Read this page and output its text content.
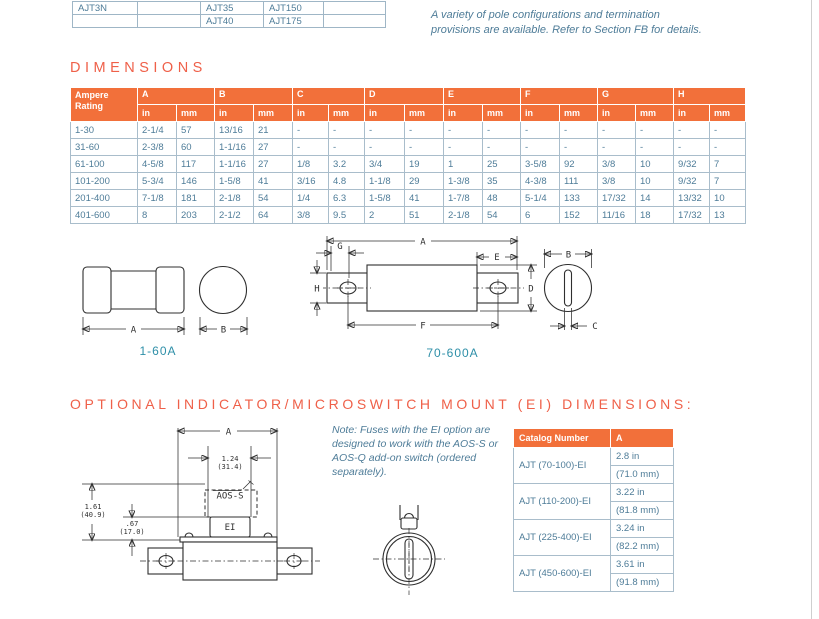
AJT3N		AJT35	AJT150	
		AJT40	AJT175		A variety of pole configurations and termination
provisions are available. Refer to Section FB for details.
DIMENSIONS
Ampere Rating	A		B		C		D		E		F		G		H	
	in	mm	in	mm	in	mm	in	mm	in	mm	in	mm	in	mm	in	mm
1-30	2-1/4	57	13/16	21	-	-	-	-	-	-	-	-	-	-	-	-
31-60	2-3/8	60	1-1/16	27	-	-	-	-	-	-	-	-	-	-	-	-
61-100	4-5/8	117	1-1/16	27	1/8	3.2	3/4	19	1	25	3-5/8	92	3/8	10	9/32	7
101-200	5-3/4	146	1-5/8	41	3/16	4.8	1-1/8	29	1-3/8	35	4-3/8	111	3/8	10	9/32	7
201-400	7-1/8	181	2-1/8	54	1/4	6.3	1-5/8	41	1-7/8	48	5-1/4	133	17/32	14	13/32	10
401-600	8	203	2-1/2	64	3/8	9.5	2	51	2-1/8	54	6	152	11/16	18	17/32	13
A	B
A
G
H
E
D
F
B
C
1-60A	70-600A
OPTIONAL INDICATOR/MICROSWITCH MOUNT (EI) DIMENSIONS:
A
1.24
(31.4)
AOS-S
EI
1.61
(40.9)
.67
(17.0)
Note: Fuses with the EI option are designed to work with the AOS-S or AOS-Q add-on switch (ordered separately).
Catalog Number	A
AJT (70-100)-EI	2.8 in
	(71.0 mm)
AJT (110-200)-EI	3.22 in
	(81.8 mm)
AJT (225-400)-EI	3.24 in
	(82.2 mm)
AJT (450-600)-EI	3.61 in
	(91.8 mm)
